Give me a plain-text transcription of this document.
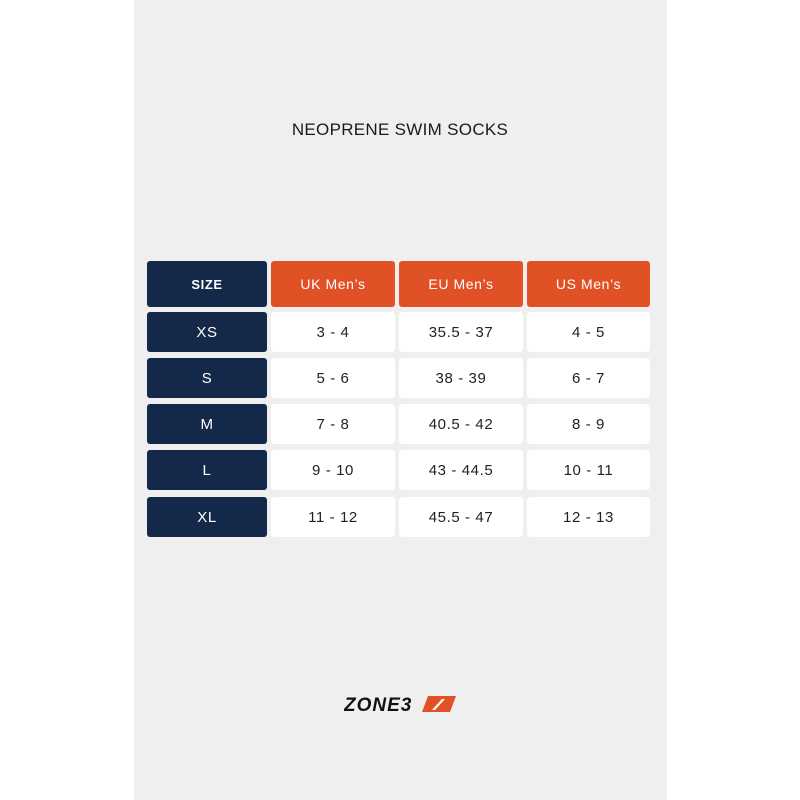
NEOPRENE SWIM SOCKS
SIZE	UK Men’s	EU Men’s	US Men’s
XS	3 - 4	35.5 - 37	4 - 5
S	5 - 6	38 - 39	6 - 7
M	7 - 8	40.5 - 42	8 - 9
L	9 - 10	43 - 44.5	10 - 11
XL	11 - 12	45.5 - 47	12 - 13
ZONE3
